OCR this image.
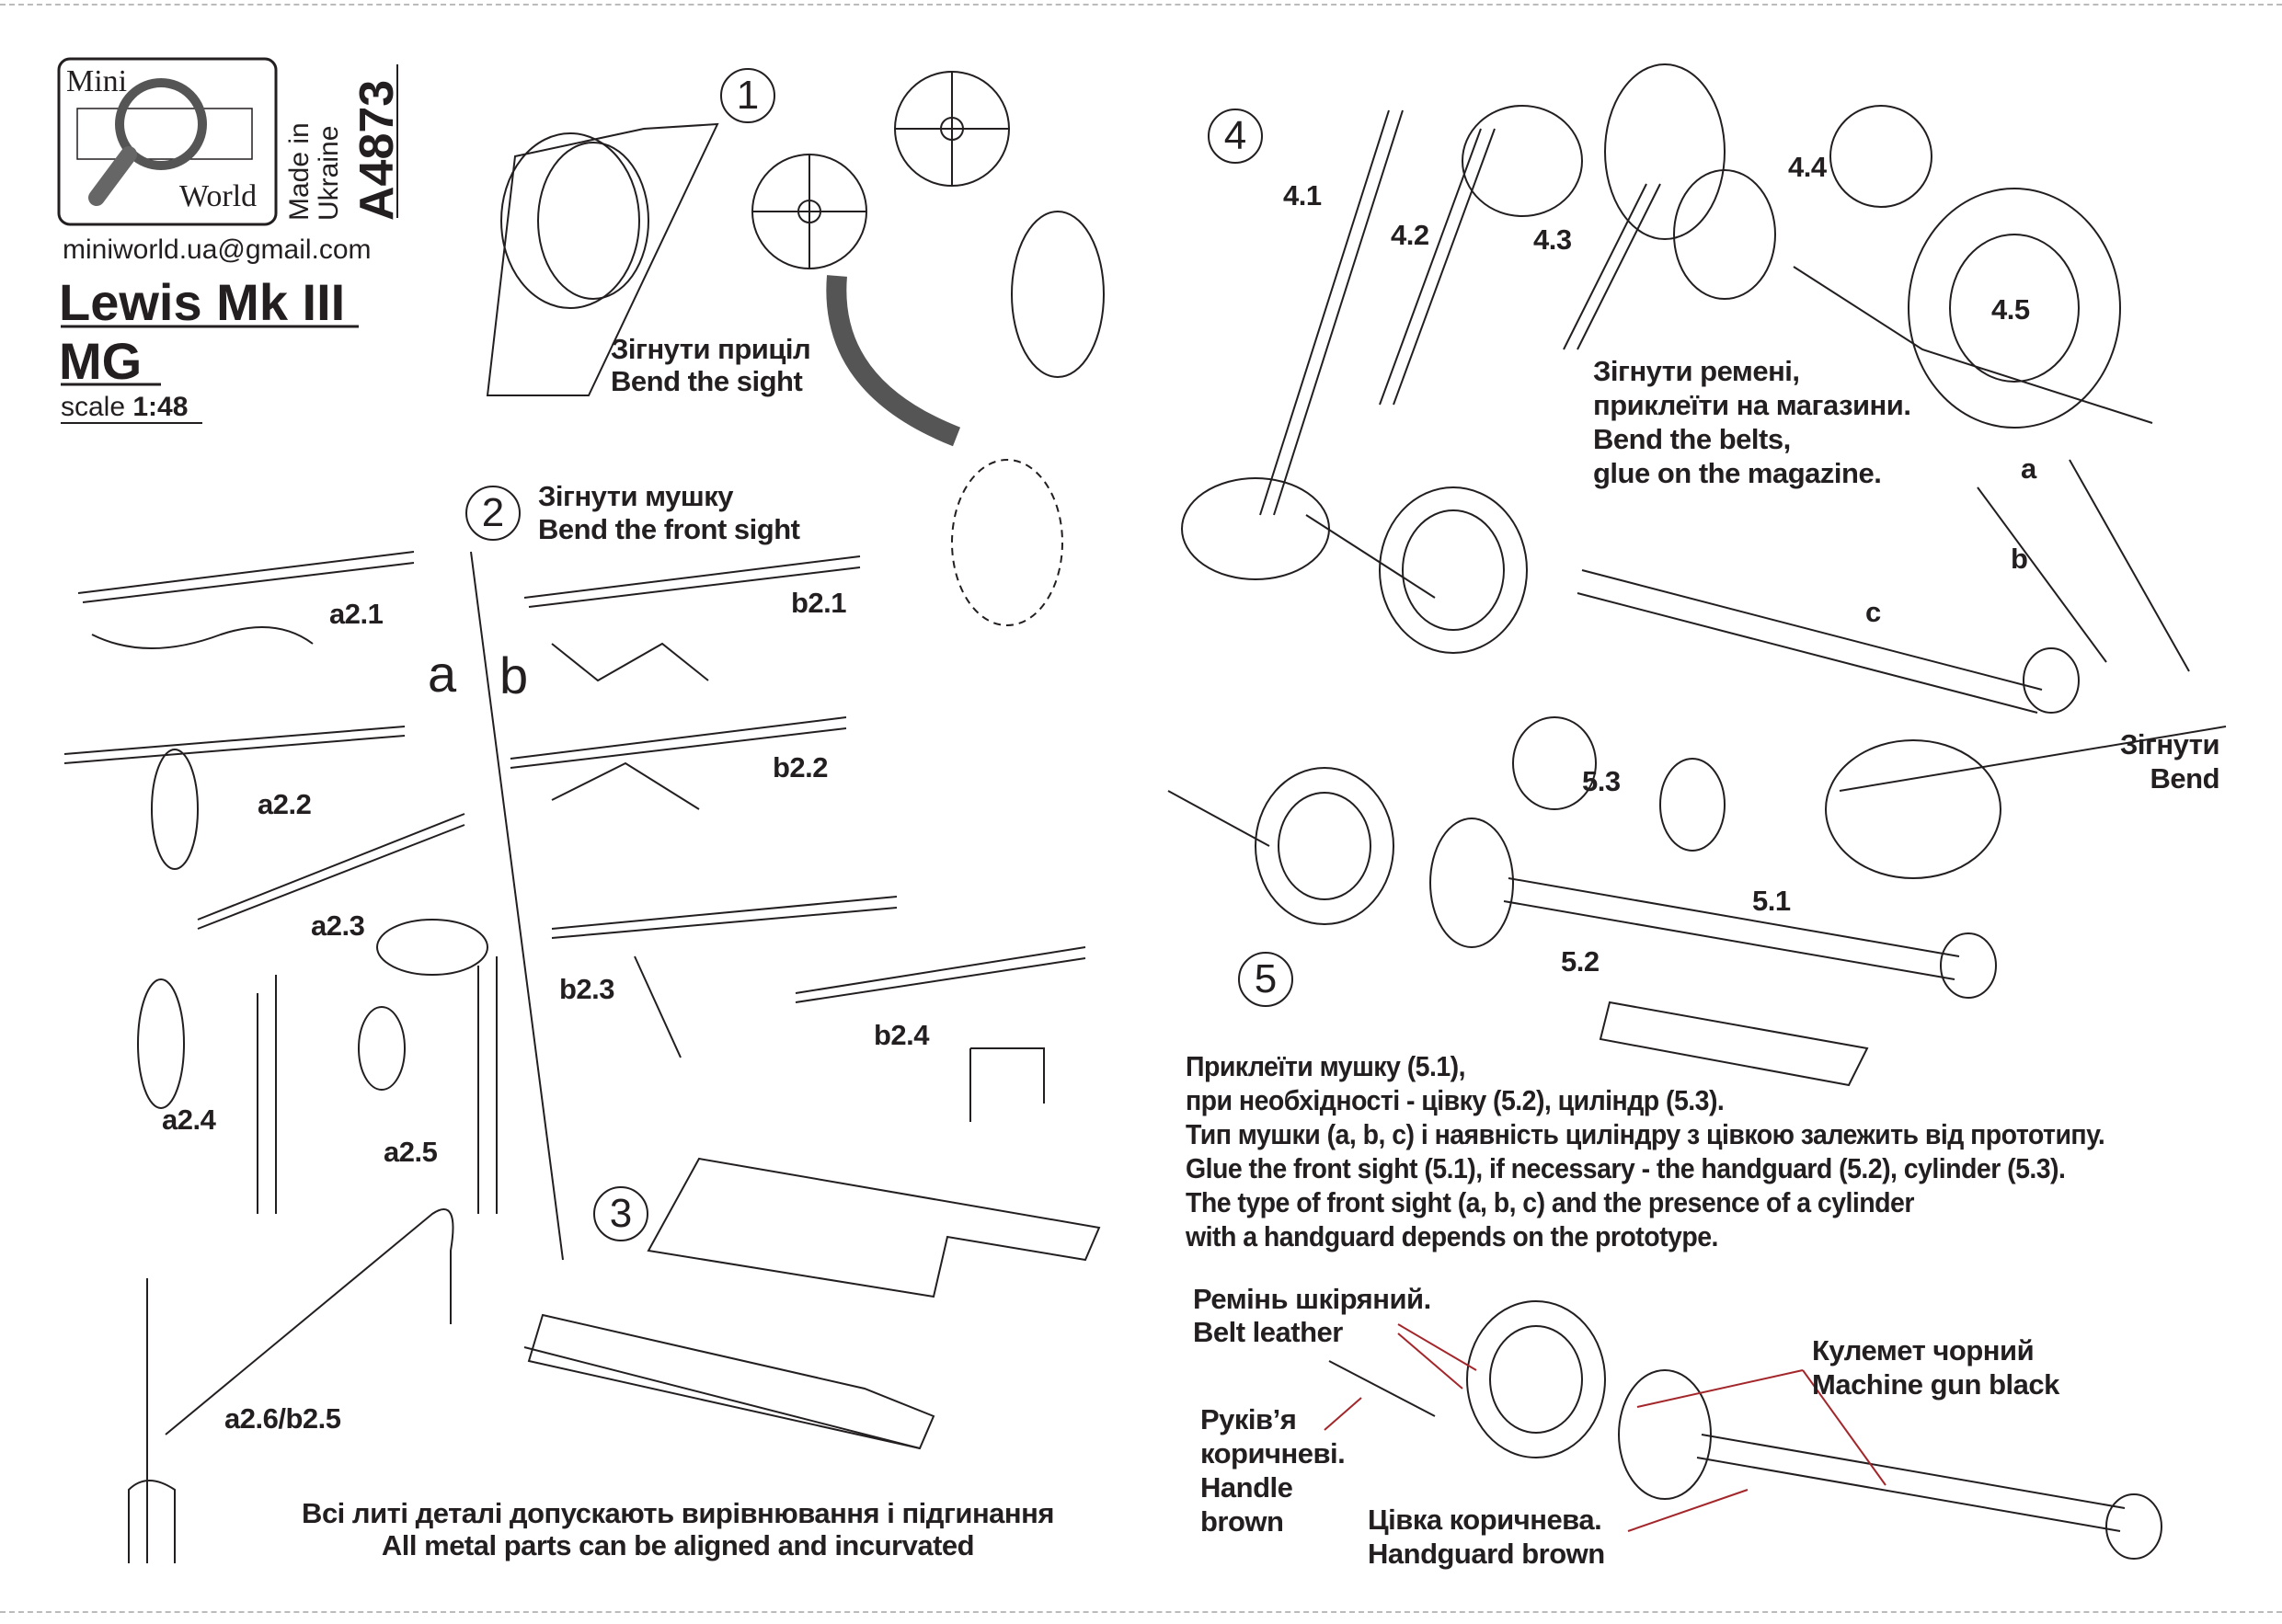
Mini
World Made in Ukraine A4873
miniworld.ua@gmail.com
Lewis Mk III
MG
scale 1:48
1
Зігнути приціл
Bend the sight
2	Зігнути мушку
Bend the front sight
a b
a2.1	b2.1
a2.2
b2.2
a2.3
b2.3
b2.4
a2.4
a2.5
a2.6/b2.5
3
Всі литі деталі допускають вирівнювання і підгинання
All metal parts can be aligned and incurvated
4
4.1
4.2	4.3
4.4
4.5
Зігнути ремені,
приклеїти на магазини.
Bend the belts,
glue on the magazine.	a
b
c
Зігнути
Bend
5
5.1
5.2
5.3
Приклеїти мушку (5.1),
при необхідності - цівку (5.2), циліндр (5.3).
Тип мушки (a, b, c) і наявність циліндру з цівкою залежить від прототипу.
Glue the front sight (5.1), if necessary - the handguard (5.2), cylinder (5.3).
The type of front sight (a, b, c) and the presence of a cylinder
with a handguard depends on the prototype.
Ремінь шкіряний.
Belt leather
Руків’я
коричневі.
Handle
brown	Цівка коричнева.
Handguard brown
Кулемет чорний
Machine gun black
